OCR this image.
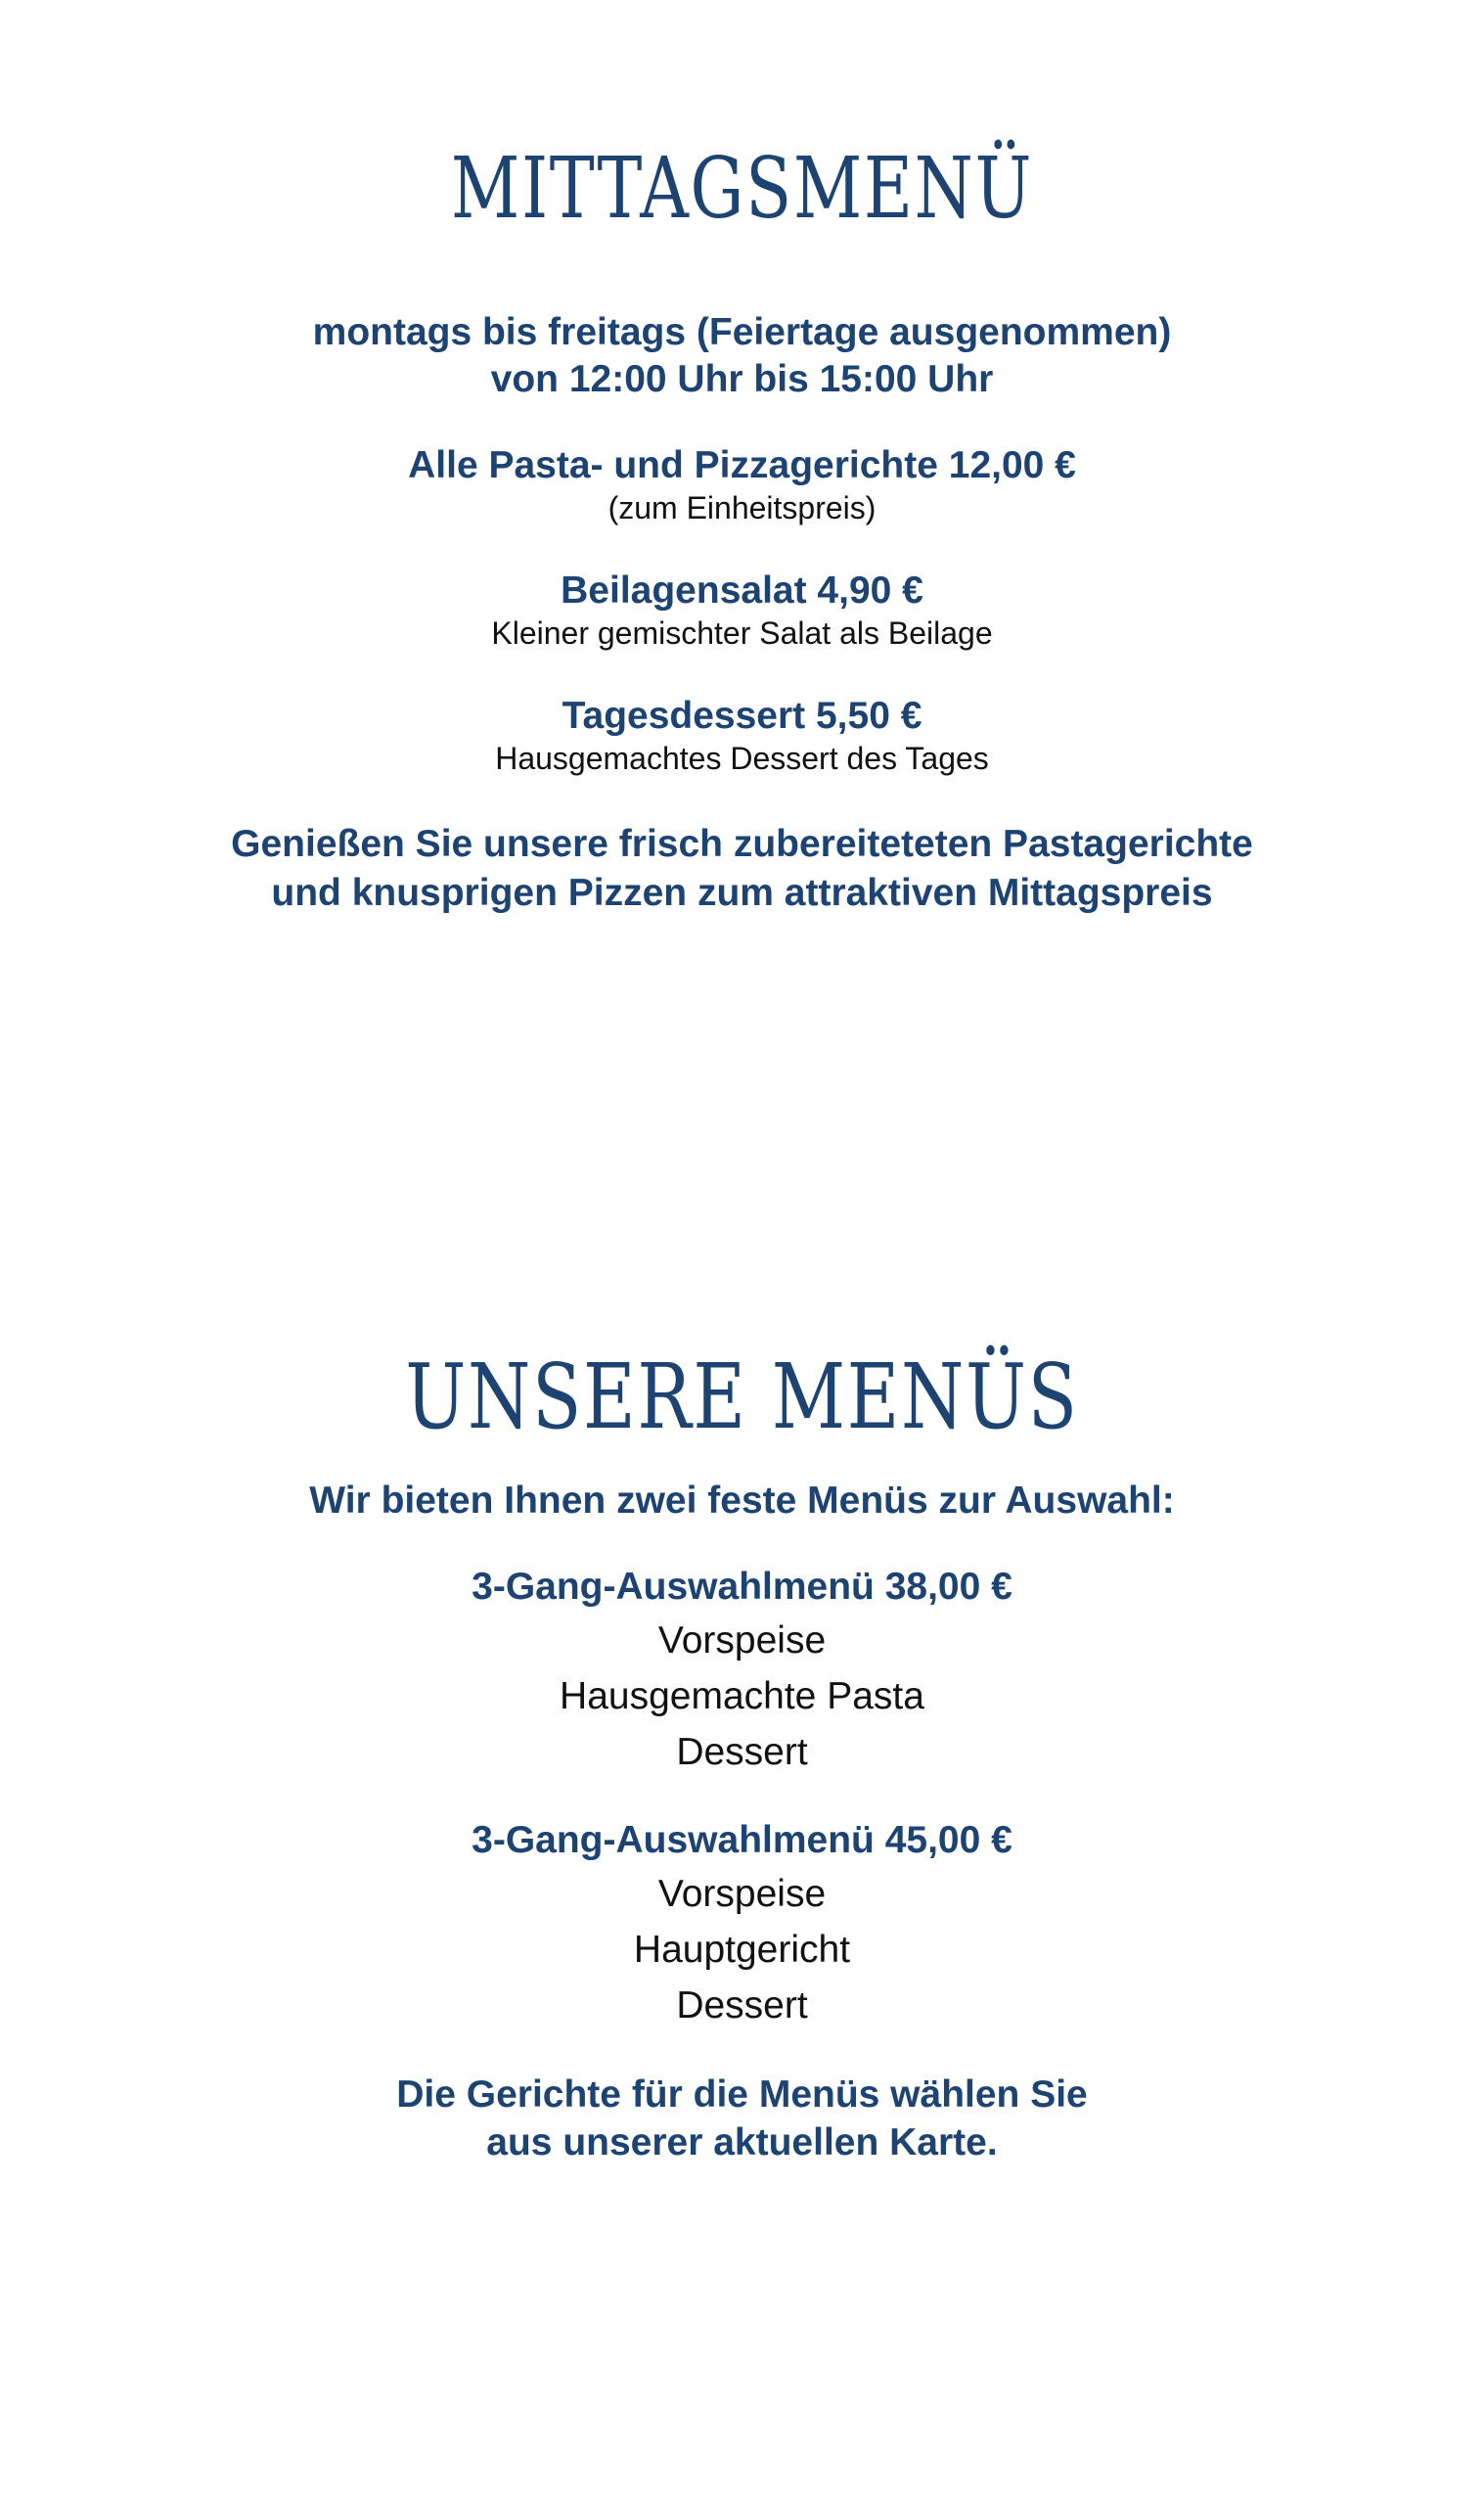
MITTAGSMENÜ
montags bis freitags (Feiertage ausgenommen)
von 12:00 Uhr bis 15:00 Uhr
Alle Pasta- und Pizzagerichte 12,00 €
(zum Einheitspreis)
Beilagensalat 4,90 €
Kleiner gemischter Salat als Beilage
Tagesdessert 5,50 €
Hausgemachtes Dessert des Tages
Genießen Sie unsere frisch zubereiteteten Pastagerichte
und knusprigen Pizzen zum attraktiven Mittagspreis
UNSERE MENÜS
Wir bieten Ihnen zwei feste Menüs zur Auswahl:
3-Gang-Auswahlmenü 38,00 €
Vorspeise
Hausgemachte Pasta
Dessert
3-Gang-Auswahlmenü 45,00 €
Vorspeise
Hauptgericht
Dessert
Die Gerichte für die Menüs wählen Sie
aus unserer aktuellen Karte.
